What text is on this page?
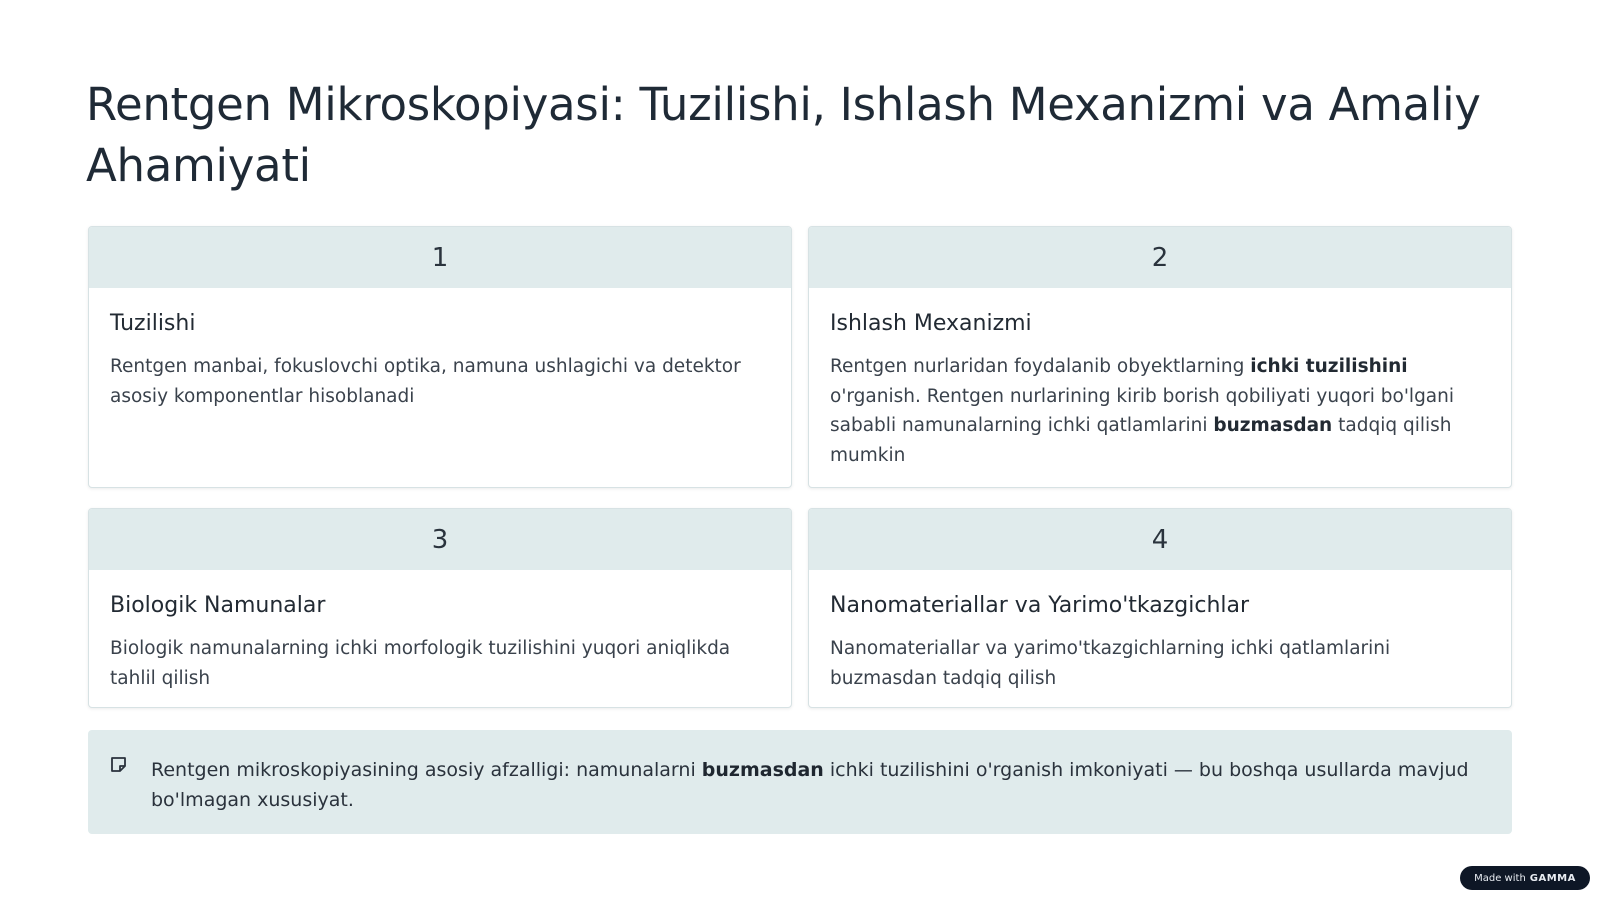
Rentgen Mikroskopiyasi: Tuzilishi, Ishlash Mexanizmi va Amaliy Ahamiyati
1
Tuzilishi
Rentgen manbai, fokuslovchi optika, namuna ushlagichi va detektor asosiy komponentlar hisoblanadi
2
Ishlash Mexanizmi
Rentgen nurlaridan foydalanib obyektlarning ichki tuzilishini o'rganish. Rentgen nurlarining kirib borish qobiliyati yuqori bo'lgani sababli namunalarning ichki qatlamlarini buzmasdan tadqiq qilish mumkin
3
Biologik Namunalar
Biologik namunalarning ichki morfologik tuzilishini yuqori aniqlikda tahlil qilish
4
Nanomateriallar va Yarimo'tkazgichlar
Nanomateriallar va yarimo'tkazgichlarning ichki qatlamlarini buzmasdan tadqiq qilish
Rentgen mikroskopiyasining asosiy afzalligi: namunalarni buzmasdan ichki tuzilishini o'rganish imkoniyati — bu boshqa usullarda mavjud bo'lmagan xususiyat.
Made with GAMMA
